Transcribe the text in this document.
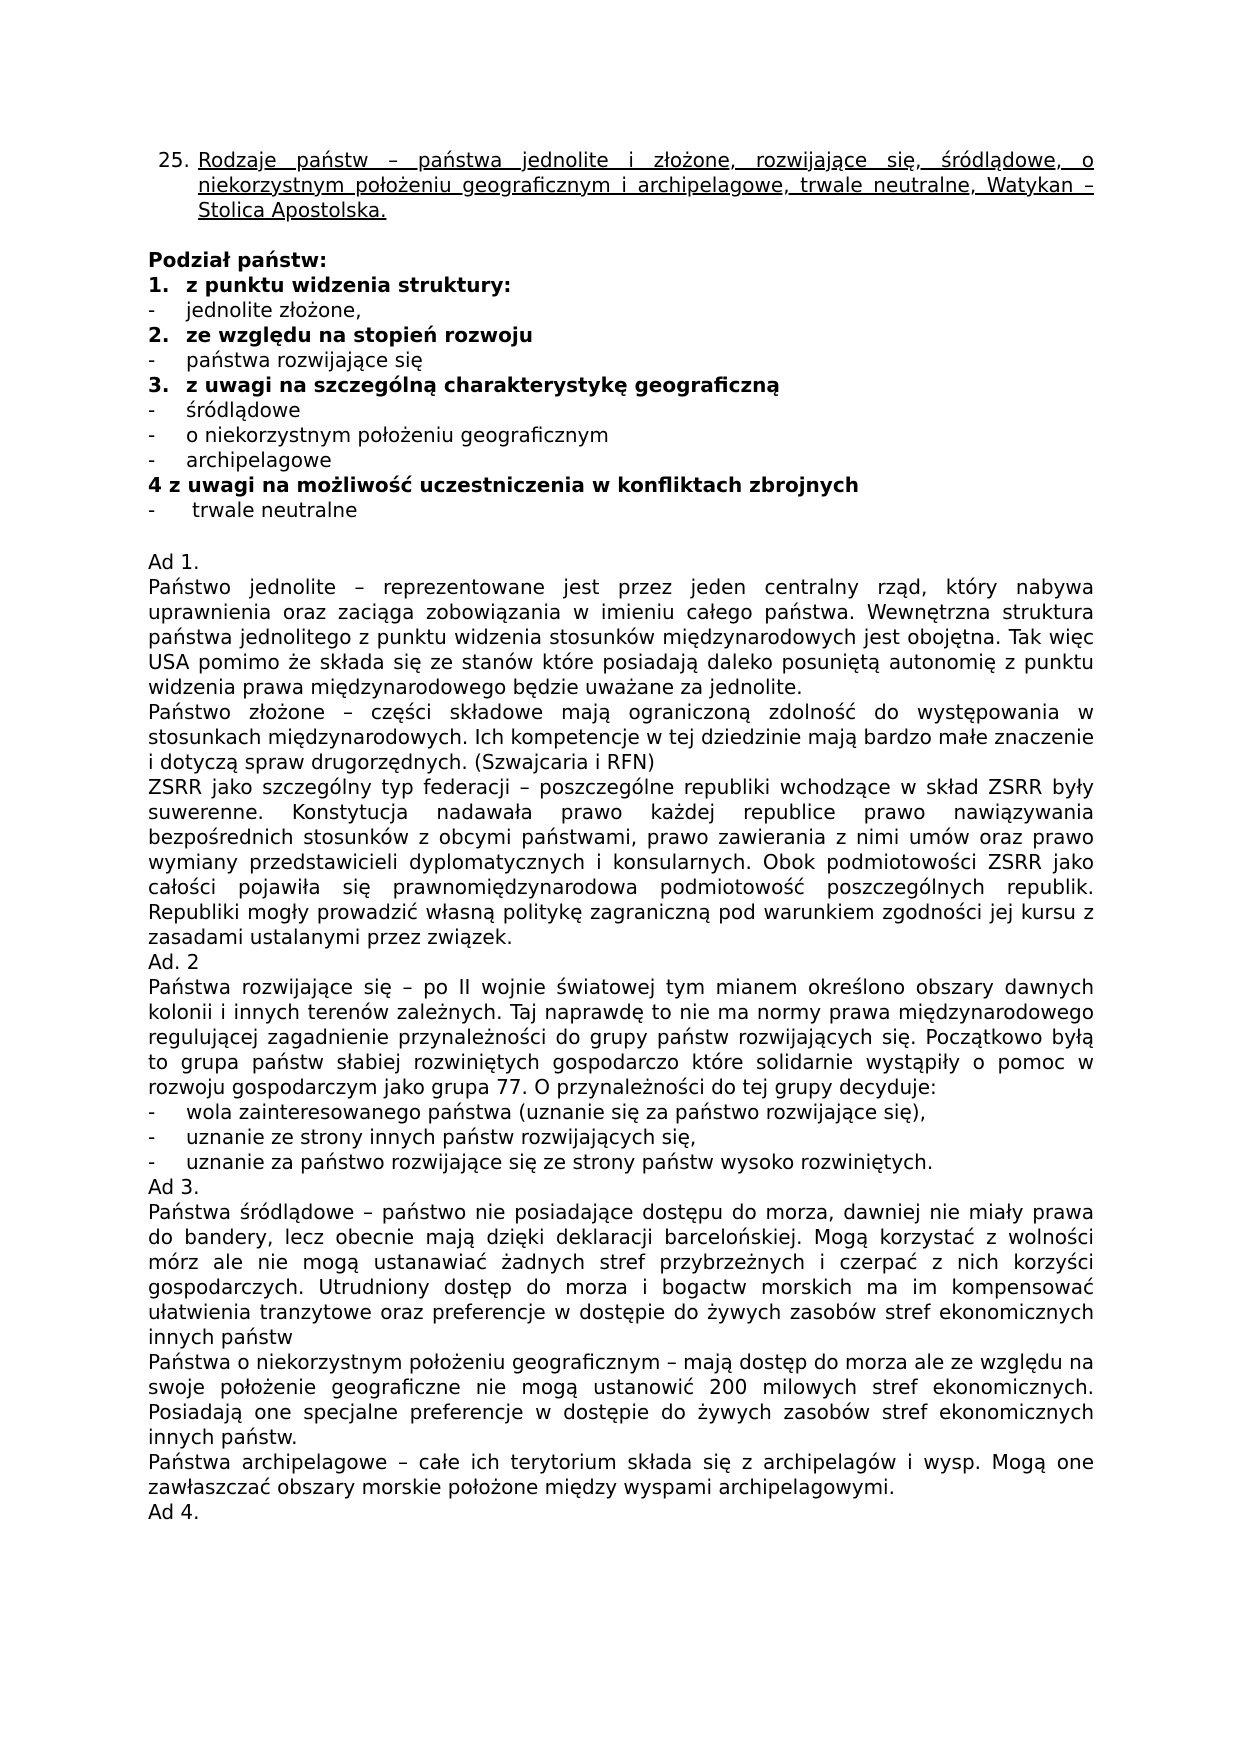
25. Rodzaje państw – państwa jednolite i złożone, rozwijające się, śródlądowe, o niekorzystnym położeniu geograficznym i archipelagowe, trwale neutralne, Watykan – Stolica Apostolska.
Podział państw:
1. z punktu widzenia struktury:
- jednolite złożone,
2. ze względu na stopień rozwoju
- państwa rozwijające się
3. z uwagi na szczególną charakterystykę geograficzną
- śródlądowe
- o niekorzystnym położeniu geograficznym
- archipelagowe
4 z uwagi na możliwość uczestniczenia w konfliktach zbrojnych
- trwale neutralne

Ad 1.

Państwo jednolite – reprezentowane jest przez jeden centralny rząd, który nabywa uprawnienia oraz zaciąga zobowiązania w imieniu całego państwa. Wewnętrzna struktura państwa jednolitego z punktu widzenia stosunków międzynarodowych jest obojętna. Tak więc USA pomimo że składa się ze stanów które posiadają daleko posuniętą autonomię z punktu widzenia prawa międzynarodowego będzie uważane za jednolite.

Państwo złożone – części składowe mają ograniczoną zdolność do występowania w stosunkach międzynarodowych. Ich kompetencje w tej dziedzinie mają bardzo małe znaczenie i dotyczą spraw drugorzędnych. (Szwajcaria i RFN)

ZSRR jako szczególny typ federacji – poszczególne republiki wchodzące w skład ZSRR były suwerenne. Konstytucja nadawała prawo każdej republice prawo nawiązywania bezpośrednich stosunków z obcymi państwami, prawo zawierania z nimi umów oraz prawo wymiany przedstawicieli dyplomatycznych i konsularnych. Obok podmiotowości ZSRR jako całości pojawiła się prawnomiędzynarodowa podmiotowość poszczególnych republik. Republiki mogły prowadzić własną politykę zagraniczną pod warunkiem zgodności jej kursu z zasadami ustalanymi przez związek.

Ad. 2

Państwa rozwijające się – po II wojnie światowej tym mianem określono obszary dawnych kolonii i innych terenów zależnych. Taj naprawdę to nie ma normy prawa międzynarodowego regulującej zagadnienie przynależności do grupy państw rozwijających się. Początkowo byłą to grupa państw słabiej rozwiniętych gospodarczo które solidarnie wystąpiły o pomoc w rozwoju gospodarczym jako grupa 77. O przynależności do tej grupy decyduje:

-	wola zainteresowanego państwa (uznanie się za państwo rozwijające się),
-	uznanie ze strony innych państw rozwijających się,
-	uznanie za państwo rozwijające się ze strony państw wysoko rozwiniętych.

Ad 3.

Państwa śródlądowe – państwo nie posiadające dostępu do morza, dawniej nie miały prawa do bandery, lecz obecnie mają dzięki deklaracji barcelońskiej. Mogą korzystać z wolności mórz ale nie mogą ustanawiać żadnych stref przybrzeżnych i czerpać z nich korzyści gospodarczych. Utrudniony dostęp do morza i bogactw morskich ma im kompensować ułatwienia tranzytowe oraz preferencje w dostępie do żywych zasobów stref ekonomicznych innych państw

Państwa o niekorzystnym położeniu geograficznym – mają dostęp do morza ale ze względu na swoje położenie geograficzne nie mogą ustanowić 200 milowych stref ekonomicznych. Posiadają one specjalne preferencje w dostępie do żywych zasobów stref ekonomicznych innych państw.

Państwa archipelagowe – całe ich terytorium składa się z archipelagów i wysp. Mogą one zawłaszczać obszary morskie położone między wyspami archipelagowymi.

Ad 4.
